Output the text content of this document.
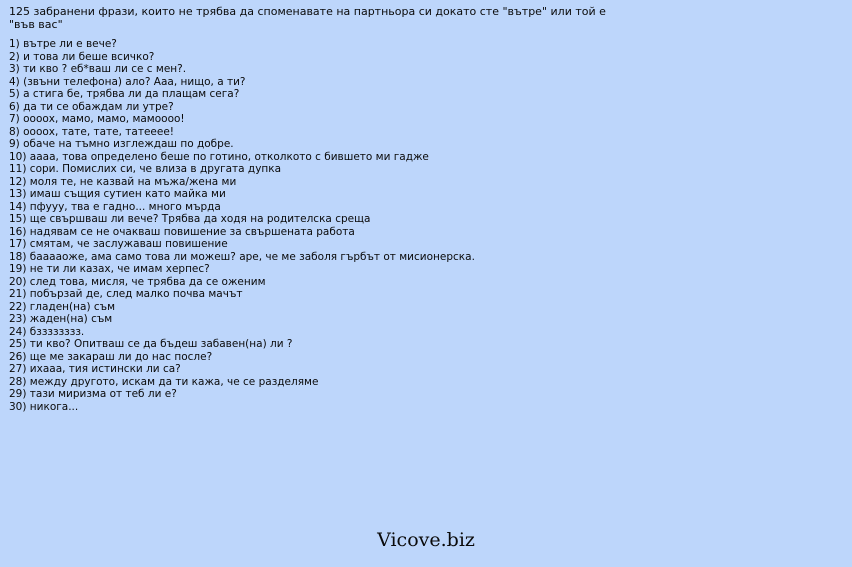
125 забранени фрази, които не трябва да споменавате на партньора си докато сте "вътре" или той е "във вас"

1) вътре ли е вече?
2) и това ли беше всичко?
3) ти кво ? еб*ваш ли се с мен?.
4) (звъни телефона) ало? Ааа, нищо, а ти?
5) а стига бе, трябва ли да плащам сега?
6) да ти се обаждам ли утре?
7) оооох, мамо, мамо, мамоооо!
8) оооох, тате, тате, татееее!
9) обаче на тъмно изглеждаш по добре.
10) аааа, това определено беше по готино, отколкото с бившето ми гадже
11) сори. Помислих си, че влиза в другата дупка
12) моля те, не казвай на мъжа/жена ми
13) имаш същия сутиен като майка ми
14) пфууу, тва е гадно... много мърда
15) ще свършваш ли вече? Трябва да ходя на родителска среща
16) надявам се не очакваш повишение за свършената работа
17) смятам, че заслужаваш повишение
18) бааааоже, ама само това ли можеш? аре, че ме заболя гърбът от мисионерска.
19) не ти ли казах, че имам херпес?
20) след това, мисля, че трябва да се оженим
21) побързай де, след малко почва мачът
22) гладен(на) съм
23) жаден(на) съм
24) бзззззззз.
25) ти кво? Опитваш се да бъдеш забавен(на) ли ?
26) ще ме закараш ли до нас после?
27) ихааа, тия истински ли са?
28) между другото, искам да ти кажа, че се разделяме
29) тази миризма от теб ли е?
30) никога...
Vicove.biz
